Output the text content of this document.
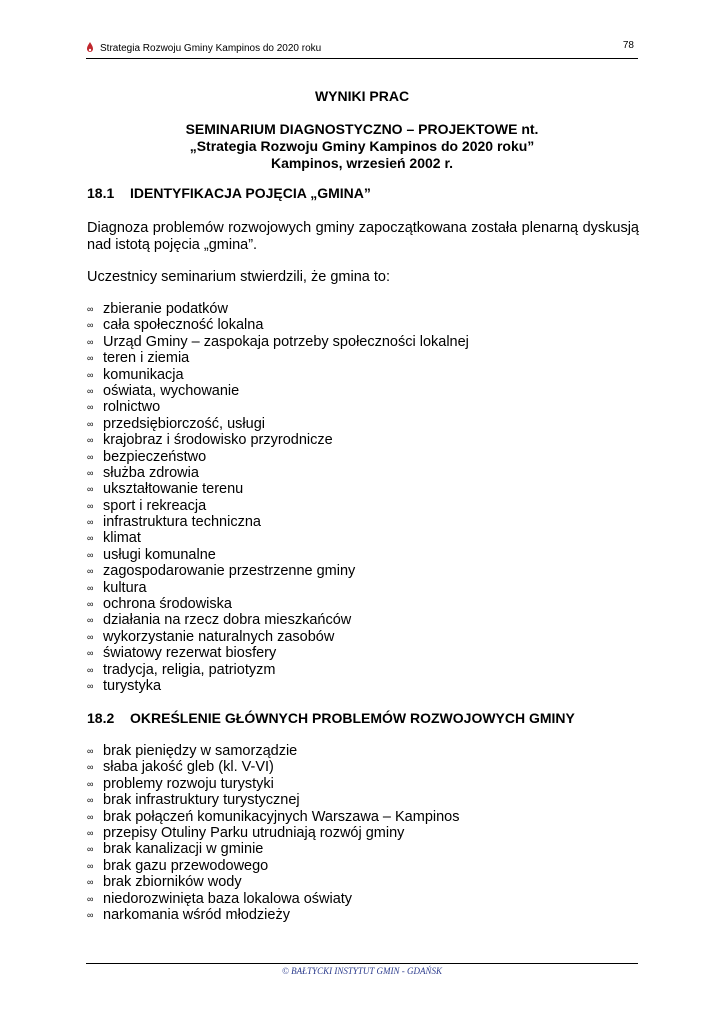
Strategia Rozwoju Gminy Kampinos do 2020 roku	78
WYNIKI PRAC
SEMINARIUM DIAGNOSTYCZNO – PROJEKTOWE nt.
„Strategia Rozwoju Gminy Kampinos do 2020 roku”
Kampinos, wrzesień 2002 r.
18.1 IDENTYFIKACJA POJĘCIA „GMINA”
Diagnoza problemów rozwojowych gminy zapoczątkowana została plenarną dyskusją nad istotą pojęcia „gmina”.
Uczestnicy seminarium stwierdzili, że gmina to:
∞ zbieranie podatków
∞ cała społeczność lokalna
∞ Urząd Gminy – zaspokaja potrzeby społeczności lokalnej
∞ teren i ziemia
∞ komunikacja
∞ oświata, wychowanie
∞ rolnictwo
∞ przedsiębiorczość, usługi
∞ krajobraz i środowisko przyrodnicze
∞ bezpieczeństwo
∞ służba zdrowia
∞ ukształtowanie terenu
∞ sport i rekreacja
∞ infrastruktura techniczna
∞ klimat
∞ usługi komunalne
∞ zagospodarowanie przestrzenne gminy
∞ kultura
∞ ochrona środowiska
∞ działania na rzecz dobra mieszkańców
∞ wykorzystanie naturalnych zasobów
∞ światowy rezerwat biosfery
∞ tradycja, religia, patriotyzm
∞ turystyka
18.2 OKREŚLENIE GŁÓWNYCH PROBLEMÓW ROZWOJOWYCH GMINY
∞ brak pieniędzy w samorządzie
∞ słaba jakość gleb (kl. V-VI)
∞ problemy rozwoju turystyki
∞ brak infrastruktury turystycznej
∞ brak połączeń komunikacyjnych Warszawa – Kampinos
∞ przepisy Otuliny Parku utrudniają rozwój gminy
∞ brak kanalizacji w gminie
∞ brak gazu przewodowego
∞ brak zbiorników wody
∞ niedorozwinięta baza lokalowa oświaty
∞ narkomania wśród młodzieży
© BAŁTYCKI INSTYTUT GMIN - GDAŃSK
